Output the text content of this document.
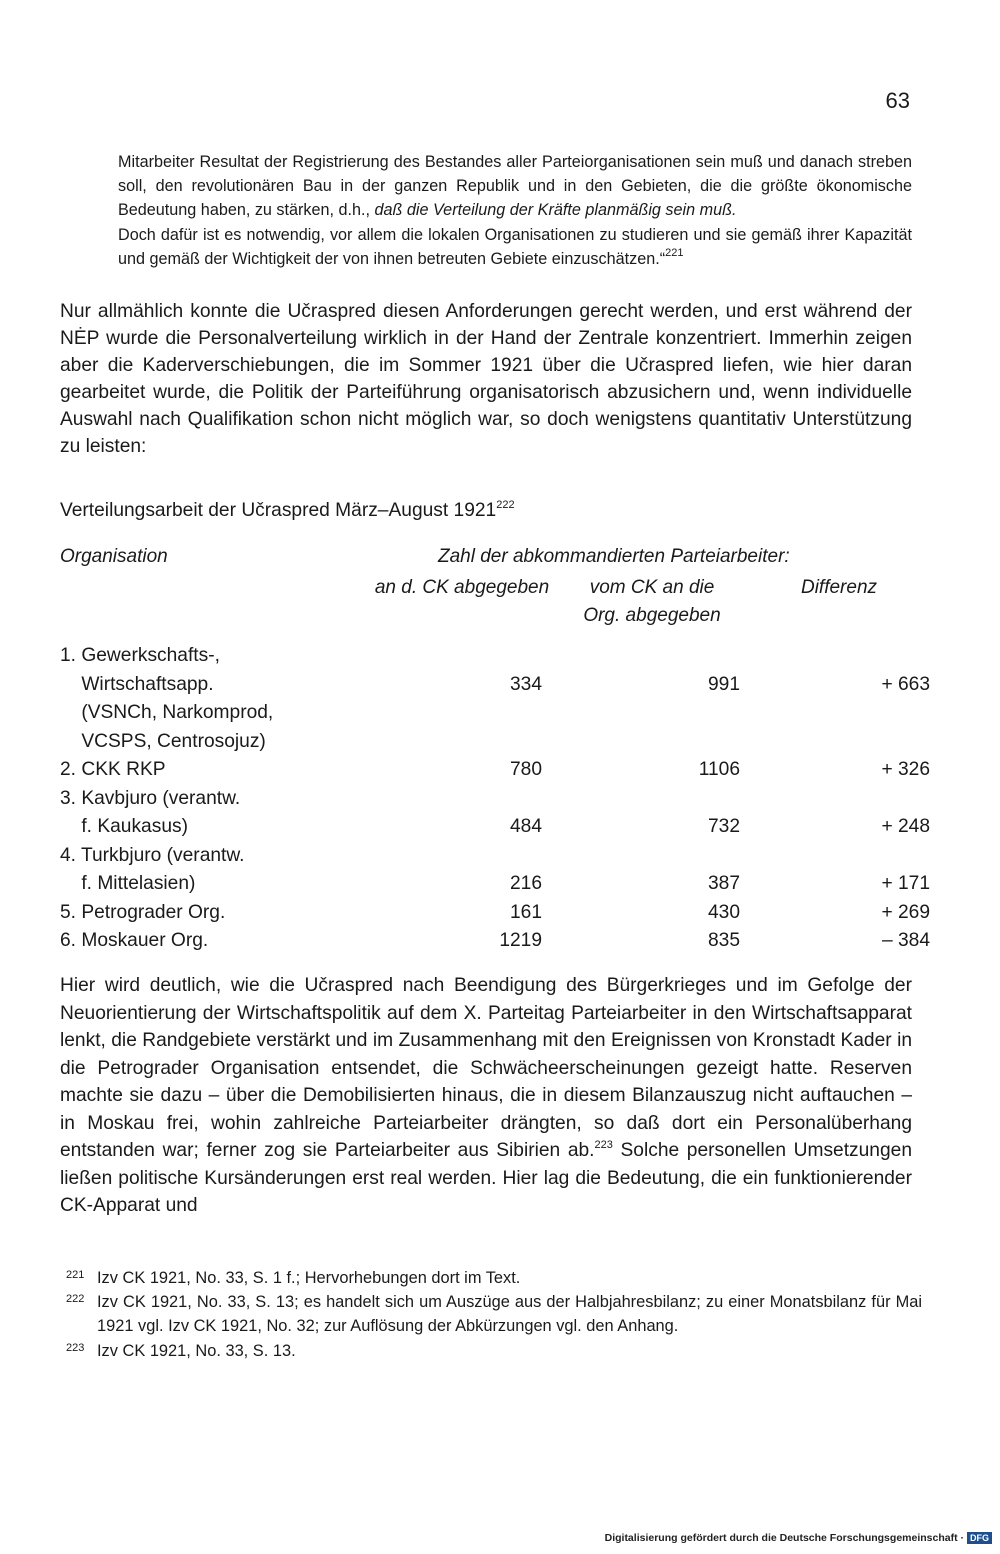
63

Mitarbeiter Resultat der Registrierung des Bestandes aller Parteiorganisationen sein muß und danach streben soll, den revolutionären Bau in der ganzen Republik und in den Gebieten, die die größte ökonomische Bedeutung haben, zu stärken, d.h., daß die Verteilung der Kräfte planmäßig sein muß.

Doch dafür ist es notwendig, vor allem die lokalen Organisationen zu studieren und sie gemäß ihrer Kapazität und gemäß der Wichtigkeit der von ihnen betreuten Gebiete einzuschätzen.“$^{221}$

Nur allmählich konnte die Učraspred diesen Anforderungen gerecht werden, und erst während der NĖP wurde die Personalverteilung wirklich in der Hand der Zentrale konzentriert. Immerhin zeigen aber die Kaderverschiebungen, die im Sommer 1921 über die Učraspred liefen, wie hier daran gearbeitet wurde, die Politik der Parteiführung organisatorisch abzusichern und, wenn individuelle Auswahl nach Qualifikation schon nicht möglich war, so doch wenigstens quantitativ Unterstützung zu leisten:

Verteilungsarbeit der Učraspred März–August 1921$^{222}$
Organisation	Zahl der abkommandierten Parteiarbeiter:
an d. CK abgegeben	vom CK an die
Org. abgegeben
Differenz
1. Gewerkschafts-,
Wirtschaftsapp.
(VSNCh, Narkomprod,
VCSPS, Centrosojuz)
334	991	+ 663
2. CKK RKP	780	1106	+ 326
3. Kavbjuro (verantw.
f. Kaukasus)	484	732	+ 248
4. Turkbjuro (verantw.
f. Mittelasien)	216	387	+ 171
5. Petrograder Org.	161	430	+ 269
6. Moskauer Org.	1219	835	– 384

Hier wird deutlich, wie die Učraspred nach Beendigung des Bürgerkrieges und im Gefolge der Neuorientierung der Wirtschaftspolitik auf dem X. Parteitag Parteiarbeiter in den Wirtschaftsapparat lenkt, die Randgebiete verstärkt und im Zusammenhang mit den Ereignissen von Kronstadt Kader in die Petrograder Organisation entsendet, die Schwächeerscheinungen gezeigt hatte. Reserven machte sie dazu – über die Demobilisierten hinaus, die in diesem Bilanzauszug nicht auftauchen – in Moskau frei, wohin zahlreiche Parteiarbeiter drängten, so daß dort ein Personalüberhang entstanden war; ferner zog sie Parteiarbeiter aus Sibirien ab.$^{223}$ Solche personellen Umsetzungen ließen politische Kursänderungen erst real werden. Hier lag die Bedeutung, die ein funktionierender CK-Apparat und

221 Izv CK 1921, No. 33, S. 1 f.; Hervorhebungen dort im Text.
222 Izv CK 1921, No. 33, S. 13; es handelt sich um Auszüge aus der Halbjahresbilanz; zu einer Monatsbilanz für Mai 1921 vgl. Izv CK 1921, No. 32; zur Auflösung der Abkürzungen vgl. den Anhang.
223 Izv CK 1921, No. 33, S. 13.
Digitalisierung gefördert durch die Deutsche Forschungsgemeinschaft · DFG
